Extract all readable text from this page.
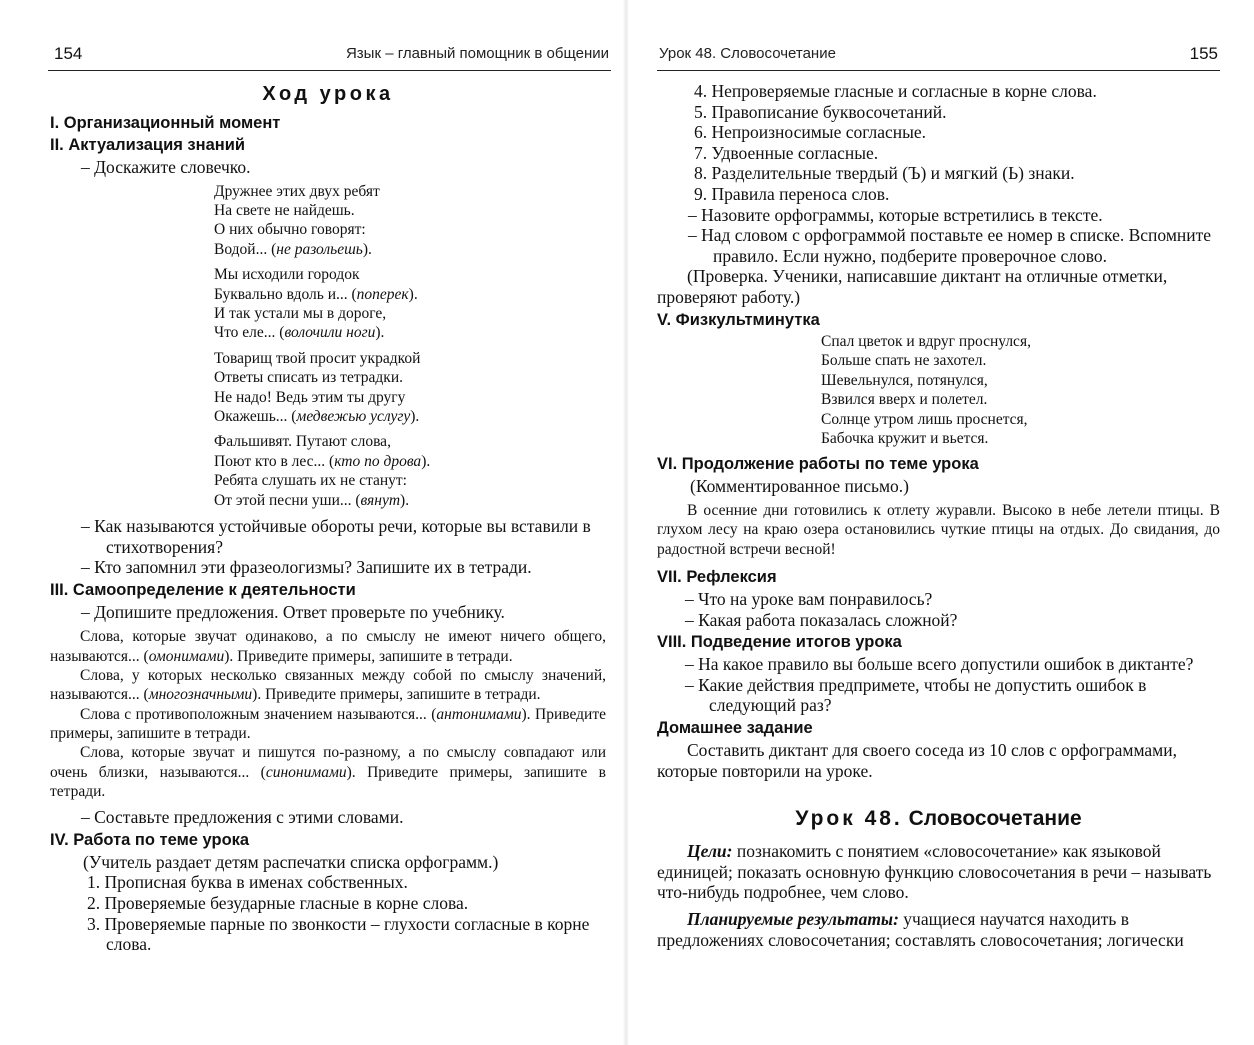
154	Язык – главный помощник в общении
Ход урока
I. Организационный момент
II. Актуализация знаний

– Доскажите словечко.

Дружнее этих двух ребят
На свете не найдешь.
О них обычно говорят:
Водой... (не разольешь).
Мы исходили городок
Буквально вдоль и... (поперек).
И так устали мы в дороге,
Что еле... (волочили ноги).
Товарищ твой просит украдкой
Ответы списать из тетрадки.
Не надо! Ведь этим ты другу
Окажешь... (медвежью услугу).
Фальшивят. Путают слова,
Поют кто в лес... (кто по дрова).
Ребята слушать их не станут:
От этой песни уши... (вянут).

– Как называются устойчивые обороты речи, которые вы вставили в стихотворения?

– Кто запомнил эти фразеологизмы? Запишите их в тетради.

III. Самоопределение к деятельности

– Допишите предложения. Ответ проверьте по учебнику.

Слова, которые звучат одинаково, а по смыслу не имеют ничего общего, называются... (омонимами). Приведите примеры, запишите в тетради.

Слова, у которых несколько связанных между собой по смыслу значений, называются... (многозначными). Приведите примеры, запишите в тетради.

Слова с противоположным значением называются... (антонимами). Приведите примеры, запишите в тетради.

Слова, которые звучат и пишутся по-разному, а по смыслу совпадают или очень близки, называются... (синонимами). Приведите примеры, запишите в тетради.

– Составьте предложения с этими словами.

IV. Работа по теме урока

(Учитель раздает детям распечатки списка орфограмм.)

1. Прописная буква в именах собственных.

2. Проверяемые безударные гласные в корне слова.

3. Проверяемые парные по звонкости – глухости согласные в корне слова.

Урок 48. Словосочетание	155

4. Непроверяемые гласные и согласные в корне слова.

5. Правописание буквосочетаний.

6. Непроизносимые согласные.

7. Удвоенные согласные.

8. Разделительные твердый (Ъ) и мягкий (Ь) знаки.

9. Правила переноса слов.

– Назовите орфограммы, которые встретились в тексте.

– Над словом с орфограммой поставьте ее номер в списке. Вспомните правило. Если нужно, подберите проверочное слово.

(Проверка. Ученики, написавшие диктант на отличные отметки, проверяют работу.)

V. Физкультминутка
Спал цветок и вдруг проснулся,
Больше спать не захотел.
Шевельнулся, потянулся,
Взвился вверх и полетел.
Солнце утром лишь проснется,
Бабочка кружит и вьется.
VI. Продолжение работы по теме урока

(Комментированное письмо.)

В осенние дни готовились к отлету журавли. Высоко в небе летели птицы. В глухом лесу на краю озера остановились чуткие птицы на отдых. До свидания, до радостной встречи весной!

VII. Рефлексия

– Что на уроке вам понравилось?

– Какая работа показалась сложной?

VIII. Подведение итогов урока

– На какое правило вы больше всего допустили ошибок в диктанте?

– Какие действия предпримете, чтобы не допустить ошибок в следующий раз?

Домашнее задание

Составить диктант для своего соседа из 10 слов с орфограммами, которые повторили на уроке.

Урок 48. Словосочетание

Цели: познакомить с понятием «словосочетание» как языковой единицей; показать основную функцию словосочетания в речи – называть что-нибудь подробнее, чем слово.

Планируемые результаты: учащиеся научатся находить в предложениях словосочетания; составлять словосочетания; логически
